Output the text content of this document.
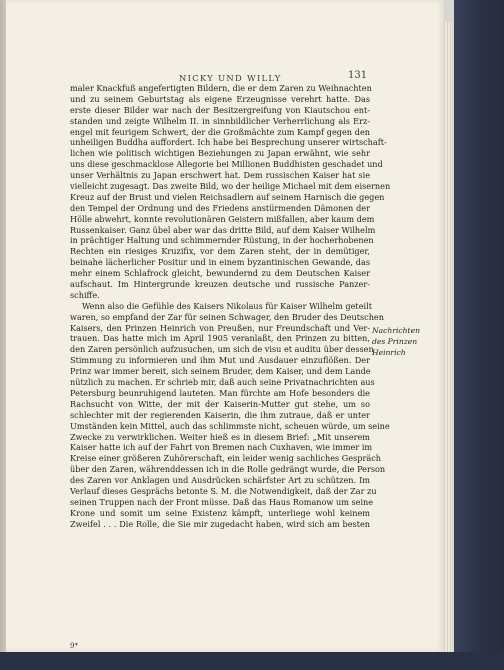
NICKY UND WILLY	131
maler Knackfuß angefertigten Bildern, die er dem Zaren zu Weihnachten
und zu seinem Geburtstag als eigene Erzeugnisse verehrt hatte. Das
erste dieser Bilder war nach der Besitzergreifung von Kiautschou ent-
standen und zeigte Wilhelm II. in sinnbildlicher Verherrlichung als Erz-
engel mit feurigem Schwert, der die Großmächte zum Kampf gegen den
unheiligen Buddha auffordert. Ich habe bei Besprechung unserer wirtschaft-
lichen wie politisch wichtigen Beziehungen zu Japan erwähnt, wie sehr
uns diese geschmacklose Allegorie bei Millionen Buddhisten geschadet und
unser Verhältnis zu Japan erschwert hat. Dem russischen Kaiser hat sie
vielleicht zugesagt. Das zweite Bild, wo der heilige Michael mit dem eisernen
Kreuz auf der Brust und vielen Reichsadlern auf seinem Harnisch die gegen
den Tempel der Ordnung und des Friedens anstürmenden Dämonen der
Hölle abwehrt, konnte revolutionären Geistern mißfallen, aber kaum dem
Russenkaiser. Ganz übel aber war das dritte Bild, auf dem Kaiser Wilhelm
in prächtiger Haltung und schimmernder Rüstung, in der hocherhobenen
Rechten ein riesiges Kruzifix, vor dem Zaren steht, der in demütiger,
beinahe lächerlicher Positur und in einem byzantinischen Gewande, das
mehr einem Schlafrock gleicht, bewundernd zu dem Deutschen Kaiser
aufschaut. Im Hintergrunde kreuzen deutsche und russische Panzer-
schiffe.
Wenn also die Gefühle des Kaisers Nikolaus für Kaiser Wilhelm geteilt
waren, so empfand der Zar für seinen Schwager, den Bruder des Deutschen
Kaisers, den Prinzen Heinrich von Preußen, nur Freundschaft und Ver-
trauen. Das hatte mich im April 1905 veranlaßt, den Prinzen zu bitten,
den Zaren persönlich aufzusuchen, um sich de visu et auditu über dessen
Stimmung zu informieren und ihm Mut und Ausdauer einzuflößen. Der
Prinz war immer bereit, sich seinem Bruder, dem Kaiser, und dem Lande
nützlich zu machen. Er schrieb mir, daß auch seine Privatnachrichten aus
Petersburg beunruhigend lauteten. Man fürchte am Hofe besonders die
Rachsucht von Witte, der mit der Kaiserin-Mutter gut stehe, um so
schlechter mit der regierenden Kaiserin, die ihm zutraue, daß er unter
Umständen kein Mittel, auch das schlimmste nicht, scheuen würde, um seine
Zwecke zu verwirklichen. Weiter hieß es in diesem Brief: „Mit unserem
Kaiser hatte ich auf der Fahrt von Bremen nach Cuxhaven, wie immer im
Kreise einer größeren Zuhörerschaft, ein leider wenig sachliches Gespräch
über den Zaren, währenddessen ich in die Rolle gedrängt wurde, die Person
des Zaren vor Anklagen und Ausdrücken schärfster Art zu schützen. Im
Verlauf dieses Gesprächs betonte S. M. die Notwendigkeit, daß der Zar zu
seinen Truppen nach der Front müsse. Daß das Haus Romanow um seine
Krone und somit um seine Existenz kämpft, unterliege wohl keinem
Zweifel . . . Die Rolle, die Sie mir zugedacht haben, wird sich am besten
Nachrichten
des Prinzen
Heinrich
9*
